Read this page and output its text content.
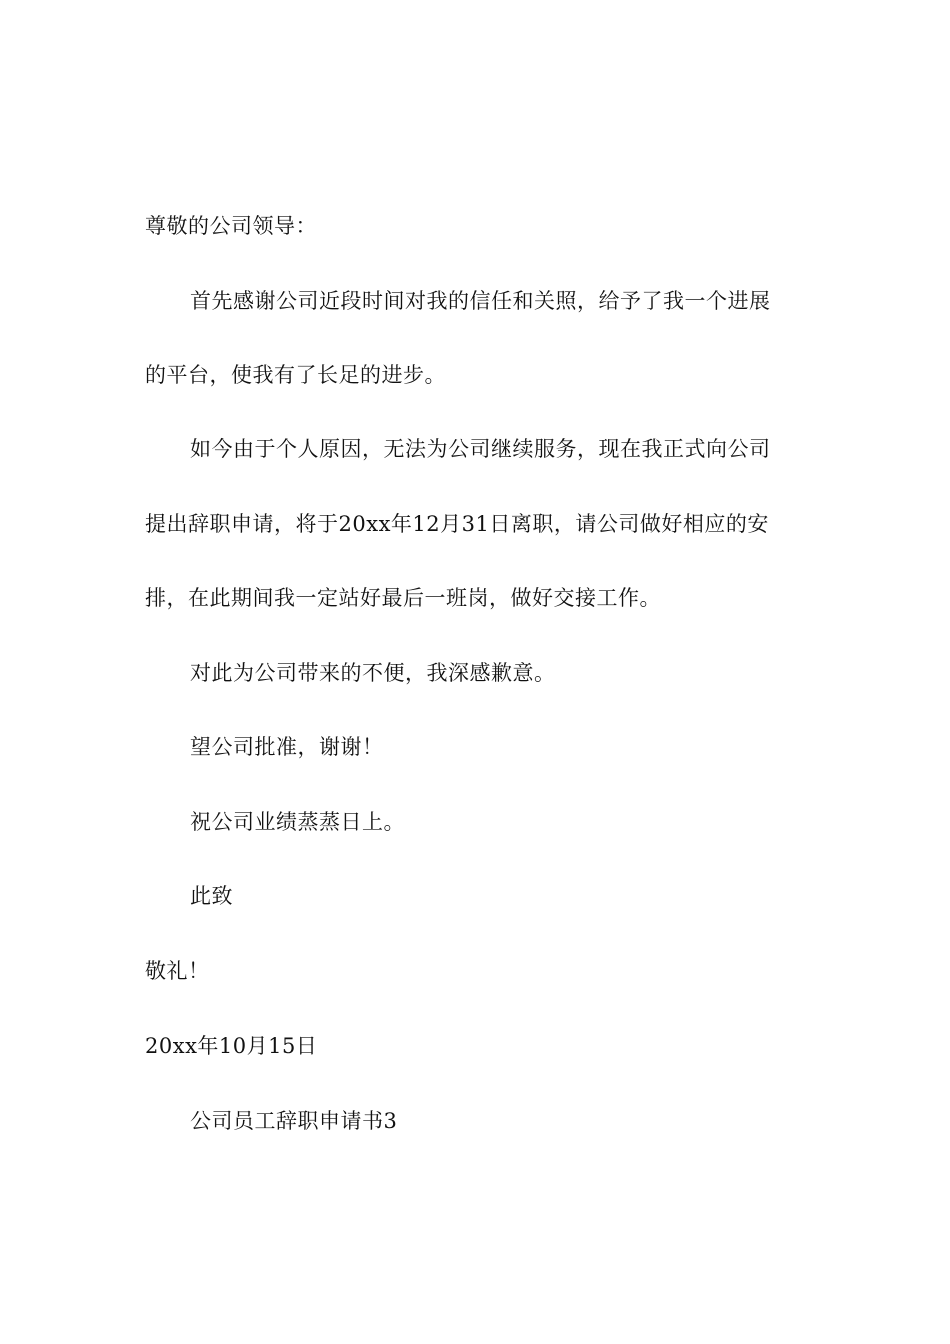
尊敬的公司领导：
首先感谢公司近段时间对我的信任和关照，给予了我一个进展
的平台，使我有了长足的进步。
如今由于个人原因，无法为公司继续服务，现在我正式向公司
提出辞职申请，将于20xx年12月31日离职，请公司做好相应的安
排，在此期间我一定站好最后一班岗，做好交接工作。
对此为公司带来的不便，我深感歉意。
望公司批准，谢谢！
祝公司业绩蒸蒸日上。
此致
敬礼！
20xx年10月15日
公司员工辞职申请书3
